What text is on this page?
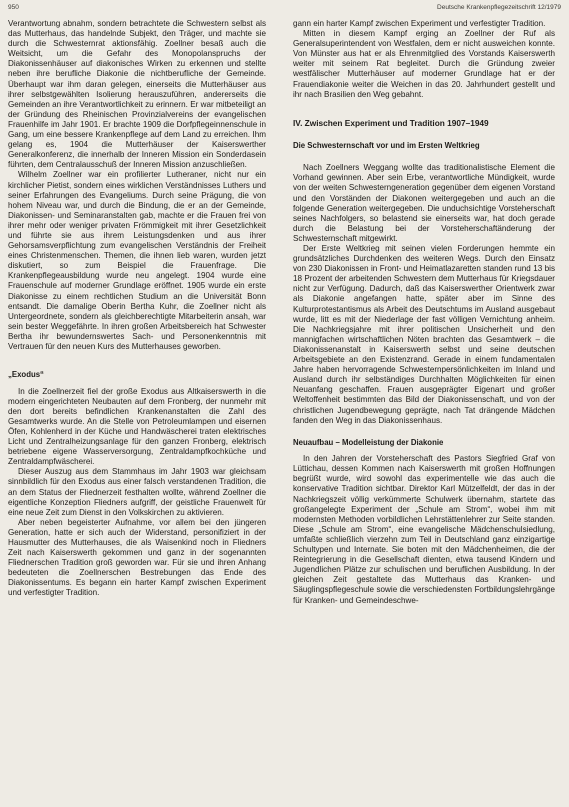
950	Deutsche Krankenpflegezeitschrift 12/1979

Verantwortung abnahm, sondern betrachtete die Schwestern selbst als das Mutterhaus, das handelnde Subjekt, den Träger, und machte sie durch die Schwesternrat aktionsfähig. Zoellner besaß auch die Weitsicht, um die Gefahr des Monopolanspruchs der Diakonissenhäuser auf diakonisches Wirken zu erkennen und stellte neben ihre berufliche Diakonie die nichtberufliche der Gemeinde. Überhaupt war ihm daran gelegen, einerseits die Mutterhäuser aus ihrer selbstgewählten Isolierung herauszuführen, andererseits die Gemeinden an ihre Verantwortlichkeit zu erinnern. Er war mitbeteiligt an der Gründung des Rheinischen Provinzialvereins der evangelischen Frauenhilfe im Jahr 1901. Er brachte 1909 die Dorfpflegeinnenschule in Gang, um eine bessere Krankenpflege auf dem Land zu erreichen. Ihm gelang es, 1904 die Mutterhäuser der Kaiserswerther Generalkonferenz, die innerhalb der Inneren Mission ein Sonderdasein führten, dem Centralausschuß der Inneren Mission anzuschließen.

Wilhelm Zoellner war ein profilierter Lutheraner, nicht nur ein kirchlicher Pietist, sondern eines wirklichen Verständnisses Luthers und seiner Erfahrungen des Evangeliums. Durch seine Prägung, die von hohem Niveau war, und durch die Bindung, die er an der Gemeinde, Diakonissen- und Seminaranstalten gab, machte er die Frauen frei von ihrer mehr oder weniger privaten Frömmigkeit mit ihrer Gesetzlichkeit und führte sie aus ihrem Leistungsdenken und aus ihrer Gehorsamsverpflichtung zum evangelischen Verständnis der Freiheit eines Christenmenschen. Themen, die ihnen lieb waren, wurden jetzt diskutiert, so zum Beispiel die Frauenfrage. Die Krankenpflegeausbildung wurde neu angelegt. 1904 wurde eine Frauenschule auf moderner Grundlage eröffnet. 1905 wurde ein erste Diakonisse zu einem rechtlichen Studium an die Universität Bonn entsandt. Die damalige Oberin Bertha Kuhr, die Zoellner nicht als Untergeordnete, sondern als gleichberechtigte Mitarbeiterin ansah, war sein bester Weggefährte. In ihren großen Arbeitsbereich hat Schwester Bertha ihr bewundernswertes Sach- und Personenkenntnis mit Vertrauen für den neuen Kurs des Mutterhauses geworben.

„Exodus“

In die Zoellnerzeit fiel der große Exodus aus Altkaiserswerth in die modern eingerichteten Neubauten auf dem Fronberg, der nunmehr mit den dort bereits befindlichen Krankenanstalten die Zahl des Gesamtwerks wurde. An die Stelle von Petroleumlampen und eisernen Öfen, Kohlenherd in der Küche und Handwäscherei traten elektrisches Licht und Zentralheizungsanlage für den ganzen Fronberg, elektrisch betriebene eigene Wasserversorgung, Zentraldampfkochküche und Zentraldampfwäscherei.

Dieser Auszug aus dem Stammhaus im Jahr 1903 war gleichsam sinnbildlich für den Exodus aus einer falsch verstandenen Tradition, die an dem Status der Fliednerzeit festhalten wollte, während Zoellner die eigentliche Konzeption Fliedners aufgriff, der geistliche Frauenwelt für eine neue Zeit zum Dienst in den Volkskirchen zu aktivieren.

Aber neben begeisterter Aufnahme, vor allem bei den jüngeren Generation, hatte er sich auch der Widerstand, personifiziert in der Hausmutter des Mutterhauses, die als Waisenkind noch in Fliedners Zeit nach Kaiserswerth gekommen und ganz in der sogenannten Fliednerschen Tradition groß geworden war. Für sie und ihren Anhang bedeuteten die Zoellnerschen Bestrebungen das Ende des Diakonissentums. Es begann ein harter Kampf zwischen Experiment und verfestigter Tradition.

gann ein harter Kampf zwischen Experiment und verfestigter Tradition.

Mitten in diesem Kampf erging an Zoellner der Ruf als Generalsuperintendent von Westfalen, dem er nicht ausweichen konnte. Von Münster aus hat er als Ehrenmitglied des Vorstands Kaiserswerth weiter mit seinem Rat begleitet. Durch die Gründung zweier westfälischer Mutterhäuser auf moderner Grundlage hat er der Frauendiakonie weiter die Weichen in das 20. Jahrhundert gestellt und ihr nach Brasilien den Weg gebahnt.

IV. Zwischen Experiment und Tradition 1907–1949

Die Schwesternschaft vor und im Ersten Weltkrieg

Nach Zoellners Weggang wollte das traditionalistische Element die Vorhand gewinnen. Aber sein Erbe, verantwortliche Mündigkeit, wurde von der weiten Schwesterngeneration gegenüber dem eigenen Vorstand und den Vorständen der Diakonen weitergegeben und auch an die folgende Generation weitergegeben. Die unduchsichtige Vorsteherschaft seines Nachfolgers, so belastend sie einerseits war, hat doch gerade durch die Belastung bei der Vorsteherschaftänderung der Schwesternschaft mitgewirkt.

Der Erste Weltkrieg mit seinen vielen Forderungen hemmte ein grundsätzliches Durchdenken des weiteren Wegs. Durch den Einsatz von 230 Diakonissen in Front- und Heimatlazaretten standen rund 13 bis 18 Prozent der arbeitenden Schwestern dem Mutterhaus für Kriegsdauer nicht zur Verfügung. Dadurch, daß das Kaiserswerther Orientwerk zwar als Diakonie angefangen hatte, später aber im Sinne des Kulturprotestantismus als Arbeit des Deutschtums im Ausland ausgebaut wurde, litt es mit der Niederlage der fast völligen Vernichtung anheim. Die Nachkriegsjahre mit ihrer politischen Unsicherheit und den mannigfachen wirtschaftlichen Nöten brachten das Gesamtwerk – die Diakonissenanstalt in Kaiserswerth selbst und seine deutschen Arbeitsgebiete an den Existenzrand. Gerade in einem fundamentalen Jahre haben hervorragende Schwesternpersönlichkeiten im Inland und Ausland durch ihr selbständiges Durchhalten Möglichkeiten für einen Neuanfang geschaffen. Frauen ausgeprägter Eigenart und großer Weltoffenheit bestimmten das Bild der Diakonissenschaft, und von der christlichen Jugendbewegung geprägte, nach Tat drängende Mädchen fanden den Weg in das Diakonissenhaus.

Neuaufbau – Modelleistung der Diakonie

In den Jahren der Vorsteherschaft des Pastors Siegfried Graf von Lüttichau, dessen Kommen nach Kaiserswerth mit großen Hoffnungen begrüßt wurde, wird sowohl das experimentelle wie das auch die konservative Tradition sichtbar. Direktor Karl Mützelfeldt, der das in der Nachkriegszeit völlig verkümmerte Schulwerk übernahm, startete das großangelegte Experiment der „Schule am Strom“, wobei ihm mit modernsten Methoden vorbildlichen Lehrstättenlehrer zur Seite standen. Diese „Schule am Strom“, eine evangelische Mädchenschulsiedlung, umfaßte schließlich vierzehn zum Teil in Deutschland ganz einzigartige Schultypen und Internate. Sie boten mit den Mädchenheimen, die der Reintegrierung in die Gesellschaft dienten, etwa tausend Kindern und Jugendlichen Plätze zur schulischen und beruflichen Ausbildung. In der gleichen Zeit gestaltete das Mutterhaus das Kranken- und Säuglingspflegeschule sowie die verschiedensten Fortbildungslehrgänge für Kranken- und Gemeindeschwe-
